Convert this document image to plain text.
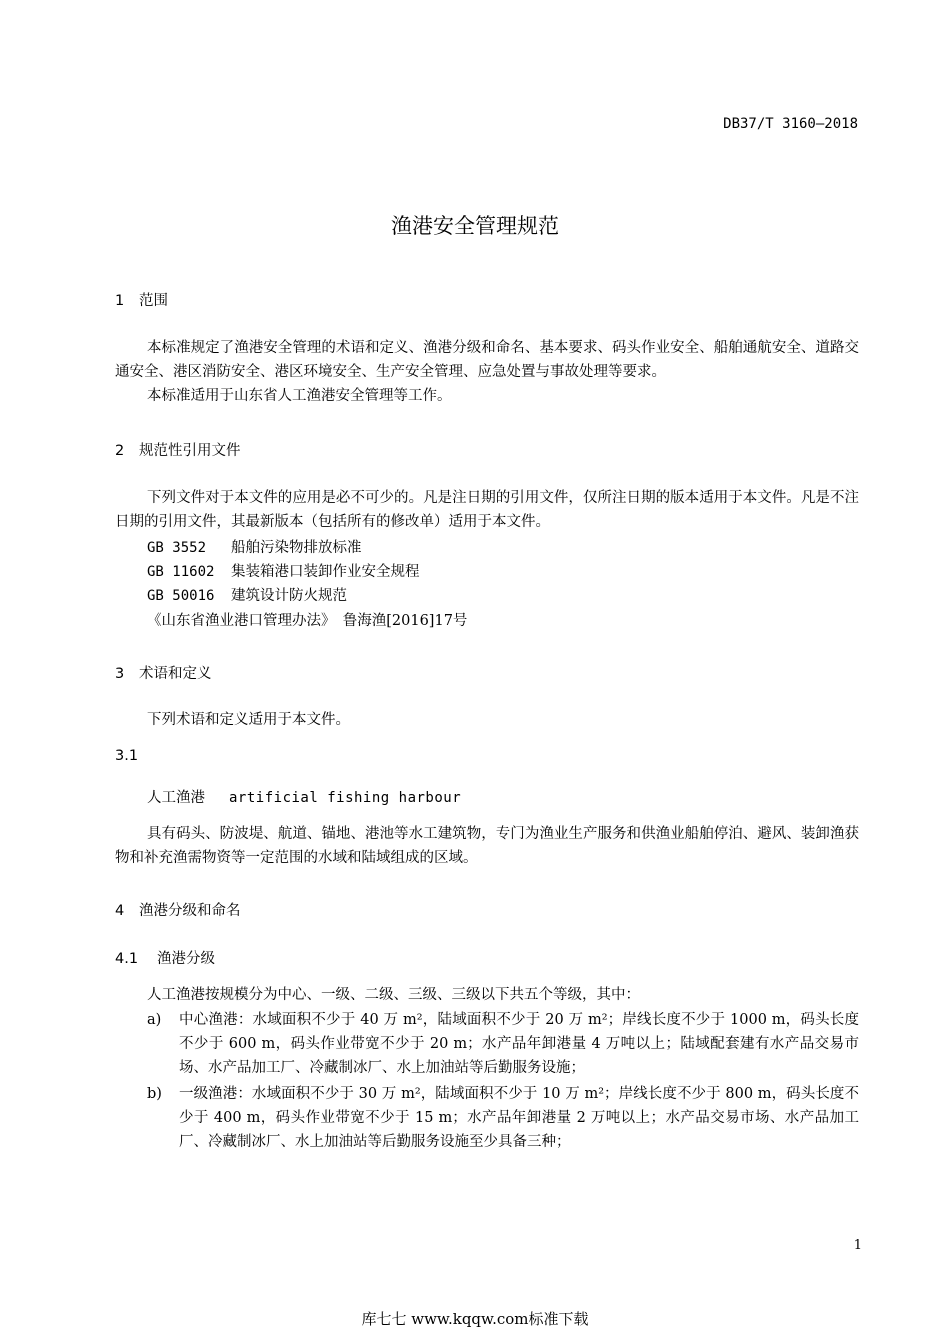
DB37/T 3160—2018
渔港安全管理规范
1 范围
本标准规定了渔港安全管理的术语和定义、渔港分级和命名、基本要求、码头作业安全、船舶通航安全、道路交通安全、港区消防安全、港区环境安全、生产安全管理、应急处置与事故处理等要求。
本标准适用于山东省人工渔港安全管理等工作。
2 规范性引用文件
下列文件对于本文件的应用是必不可少的。凡是注日期的引用文件，仅所注日期的版本适用于本文件。凡是不注日期的引用文件，其最新版本（包括所有的修改单）适用于本文件。
GB 3552 船舶污染物排放标准
GB 11602 集装箱港口装卸作业安全规程
GB 50016 建筑设计防火规范
《山东省渔业港口管理办法》　鲁海渔[2016]17号
3 术语和定义
下列术语和定义适用于本文件。
3.1
人工渔港 artificial fishing harbour
具有码头、防波堤、航道、锚地、港池等水工建筑物，专门为渔业生产服务和供渔业船舶停泊、避风、装卸渔获物和补充渔需物资等一定范围的水域和陆域组成的区域。
4 渔港分级和命名
4.1 渔港分级
人工渔港按规模分为中心、一级、二级、三级、三级以下共五个等级，其中：
a) 中心渔港：水域面积不少于 40 万 m²，陆域面积不少于 20 万 m²；岸线长度不少于 1000 m，码头长度不少于 600 m，码头作业带宽不少于 20 m；水产品年卸港量 4 万吨以上；陆域配套建有水产品交易市场、水产品加工厂、冷藏制冰厂、水上加油站等后勤服务设施；
b) 一级渔港：水域面积不少于 30 万 m²，陆域面积不少于 10 万 m²；岸线长度不少于 800 m，码头长度不少于 400 m，码头作业带宽不少于 15 m；水产品年卸港量 2 万吨以上；水产品交易市场、水产品加工厂、冷藏制冰厂、水上加油站等后勤服务设施至少具备三种；
1
库七七 www.kqqw.com标准下载
